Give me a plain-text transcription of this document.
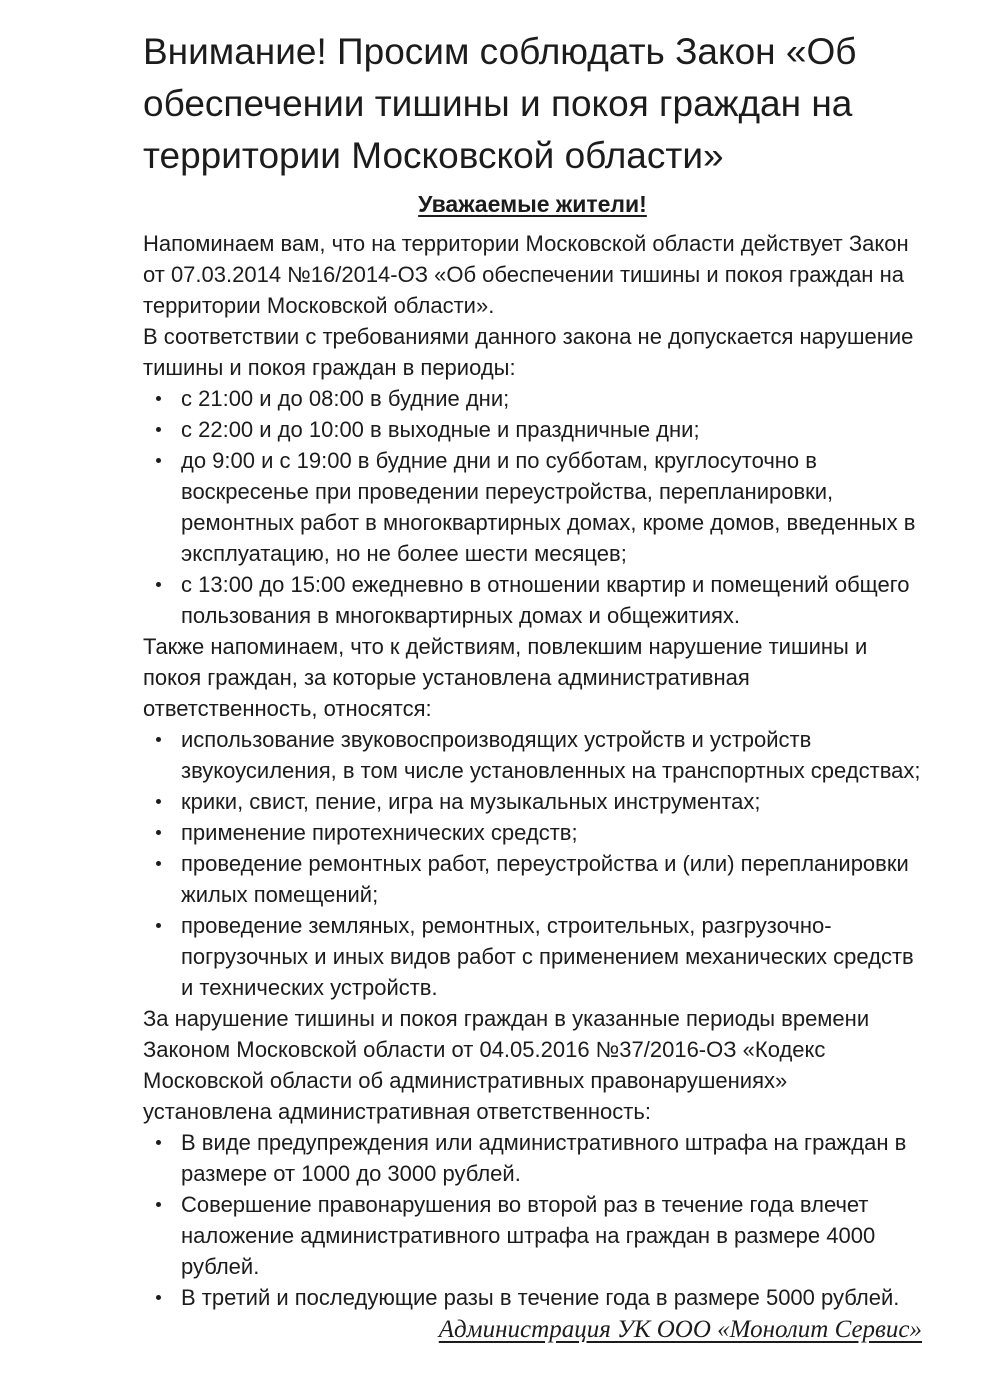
Внимание! Просим соблюдать Закон «Об обеспечении тишины и покоя граждан на территории Московской области»
Уважаемые жители!

Напоминаем вам, что на территории Московской области действует Закон от 07.03.2014 №16/2014-ОЗ «Об обеспечении тишины и покоя граждан на территории Московской области».

В соответствии с требованиями данного закона не допускается нарушение тишины и покоя граждан в периоды:

с 21:00 и до 08:00 в будние дни;
с 22:00 и до 10:00 в выходные и праздничные дни;
до 9:00 и с 19:00 в будние дни и по субботам, круглосуточно в воскресенье при проведении переустройства, перепланировки, ремонтных работ в многоквартирных домах, кроме домов, введенных в эксплуатацию, но не более шести месяцев;
с 13:00 до 15:00 ежедневно в отношении квартир и помещений общего пользования в многоквартирных домах и общежитиях.

Также напоминаем, что к действиям, повлекшим нарушение тишины и покоя граждан, за которые установлена административная ответственность, относятся:

использование звуковоспроизводящих устройств и устройств звукоусиления, в том числе установленных на транспортных средствах;
крики, свист, пение, игра на музыкальных инструментах;
применение пиротехнических средств;
проведение ремонтных работ, переустройства и (или) перепланировки жилых помещений;
проведение земляных, ремонтных, строительных, разгрузочно-погрузочных и иных видов работ с применением механических средств и технических устройств.

За нарушение тишины и покоя граждан в указанные периоды времени Законом Московской области от 04.05.2016 №37/2016-ОЗ «Кодекс Московской области об административных правонарушениях» установлена административная ответственность:

В виде предупреждения или административного штрафа на граждан в размере от 1000 до 3000 рублей.
Совершение правонарушения во второй раз в течение года влечет наложение административного штрафа на граждан в размере 4000 рублей.
В третий и последующие разы в течение года в размере 5000 рублей.
Администрация УК ООО «Монолит Сервис»
